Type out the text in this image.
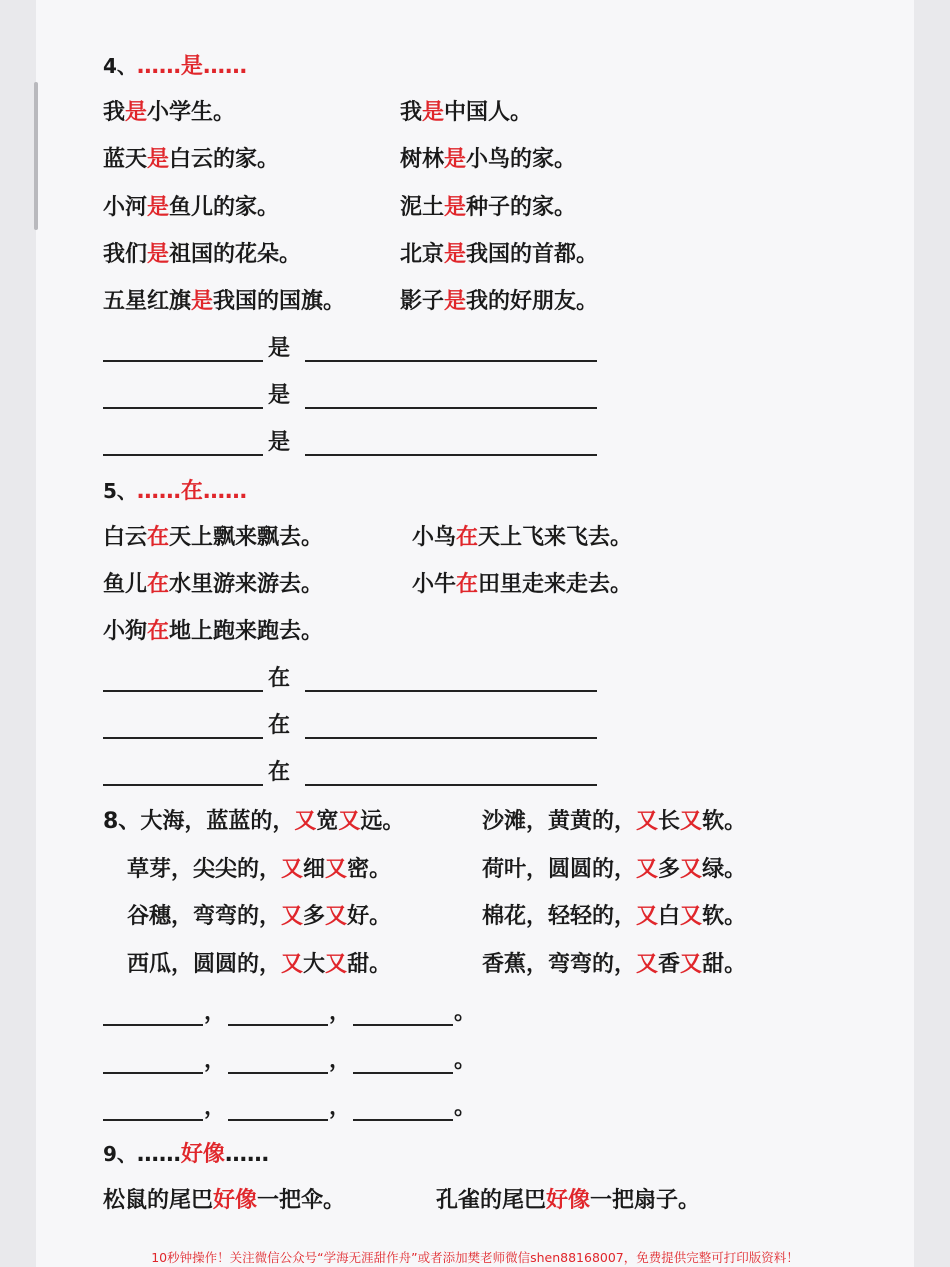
4、……是……
我是小学生。	我是中国人。
蓝天是白云的家。	树林是小鸟的家。
小河是鱼儿的家。	泥土是种子的家。
我们是祖国的花朵。	北京是我国的首都。
五星红旗是我国的国旗。 影子是我的好朋友。
是
是
是
5、……在……
白云在天上飘来飘去。	小鸟在天上飞来飞去。
鱼儿在水里游来游去。	小牛在田里走来走去。
小狗在地上跑来跑去。
在
在
在
8、大海，蓝蓝的，又宽又远。	沙滩，黄黄的，又长又软。
草芽，尖尖的，又细又密。	荷叶，圆圆的，又多又绿。
谷穗，弯弯的，又多又好。	棉花，轻轻的，又白又软。
西瓜，圆圆的，又大又甜。	香蕉，弯弯的，又香又甜。
，	，	。
，	，	。
，	，	。
9、……好像……
松鼠的尾巴好像一把伞。	孔雀的尾巴好像一把扇子。
10秒钟操作！关注微信公众号“学海无涯甜作舟”或者添加樊老师微信shen88168007，免费提供完整可打印版资料！
